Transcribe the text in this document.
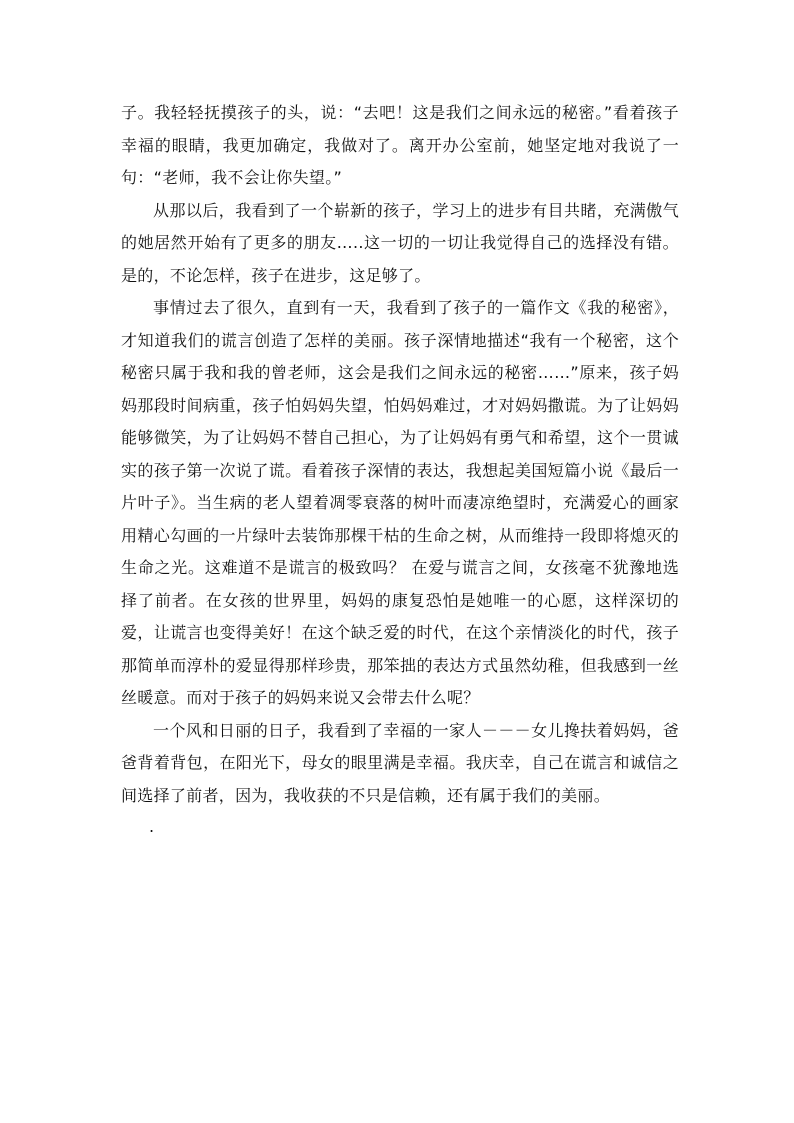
子。我轻轻抚摸孩子的头，说：“去吧！这是我们之间永远的秘密。”看着孩子幸福的眼睛，我更加确定，我做对了。离开办公室前，她坚定地对我说了一句：“老师，我不会让你失望。”

从那以后，我看到了一个崭新的孩子，学习上的进步有目共睹，充满傲气的她居然开始有了更多的朋友…..这一切的一切让我觉得自己的选择没有错。是的，不论怎样，孩子在进步，这足够了。

事情过去了很久，直到有一天，我看到了孩子的一篇作文《我的秘密》，才知道我们的谎言创造了怎样的美丽。孩子深情地描述“我有一个秘密，这个秘密只属于我和我的曾老师，这会是我们之间永远的秘密……”原来，孩子妈妈那段时间病重，孩子怕妈妈失望，怕妈妈难过，才对妈妈撒谎。为了让妈妈能够微笑，为了让妈妈不替自己担心，为了让妈妈有勇气和希望，这个一贯诚实的孩子第一次说了谎。看着孩子深情的表达，我想起美国短篇小说《最后一片叶子》。当生病的老人望着凋零衰落的树叶而凄凉绝望时，充满爱心的画家用精心勾画的一片绿叶去装饰那棵干枯的生命之树，从而维持一段即将熄灭的生命之光。这难道不是谎言的极致吗？ 在爱与谎言之间，女孩毫不犹豫地选择了前者。在女孩的世界里，妈妈的康复恐怕是她唯一的心愿，这样深切的爱，让谎言也变得美好！在这个缺乏爱的时代，在这个亲情淡化的时代，孩子那简单而淳朴的爱显得那样珍贵，那笨拙的表达方式虽然幼稚，但我感到一丝丝暖意。而对于孩子的妈妈来说又会带去什么呢？

一个风和日丽的日子，我看到了幸福的一家人－－－女儿搀扶着妈妈，爸爸背着背包，在阳光下，母女的眼里满是幸福。我庆幸，自己在谎言和诚信之间选择了前者，因为，我收获的不只是信赖，还有属于我们的美丽。

.
